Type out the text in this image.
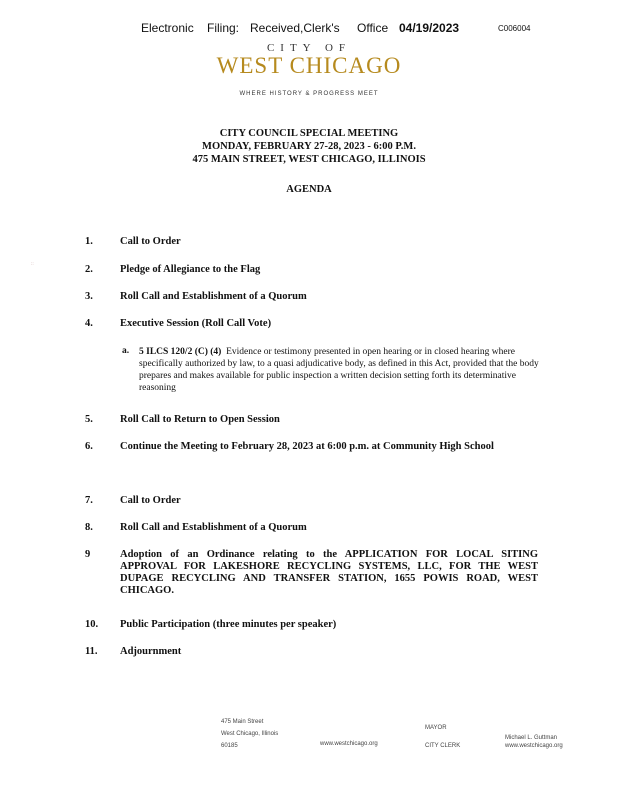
Electronic Filing: Received,Clerk's Office 04/19/2023	C006004
CITY OF
WEST CHICAGO
WHERE HISTORY & PROGRESS MEET
CITY COUNCIL SPECIAL MEETING
MONDAY, FEBRUARY 27-28, 2023 - 6:00 P.M.
475 MAIN STREET, WEST CHICAGO, ILLINOIS
AGENDA
::
1.	Call to Order
2.	Pledge of Allegiance to the Flag
3.	Roll Call and Establishment of a Quorum
4.	Executive Session (Roll Call Vote)
a. 5 ILCS 120/2 (C) (4) Evidence or testimony presented in open hearing or in closed hearing where specifically authorized by law, to a quasi adjudicative body, as defined in this Act, provided that the body prepares and makes available for public inspection a written decision setting forth its determinative reasoning
5.	Roll Call to Return to Open Session
6.	Continue the Meeting to February 28, 2023 at 6:00 p.m. at Community High School
7.	Call to Order
8.	Roll Call and Establishment of a Quorum
9	Adoption of an Ordinance relating to the APPLICATION FOR LOCAL SITING APPROVAL FOR LAKESHORE RECYCLING SYSTEMS, LLC, FOR THE WEST DUPAGE RECYCLING AND TRANSFER STATION, 1655 POWIS ROAD, WEST CHICAGO.
10.	Public Participation (three minutes per speaker)
11.	Adjournment
475 Main Street
West Chicago, Illinois
60185	www.westchicago.org
MAYOR
CITY CLERK
Michael L. Guttman
www.westchicago.org
